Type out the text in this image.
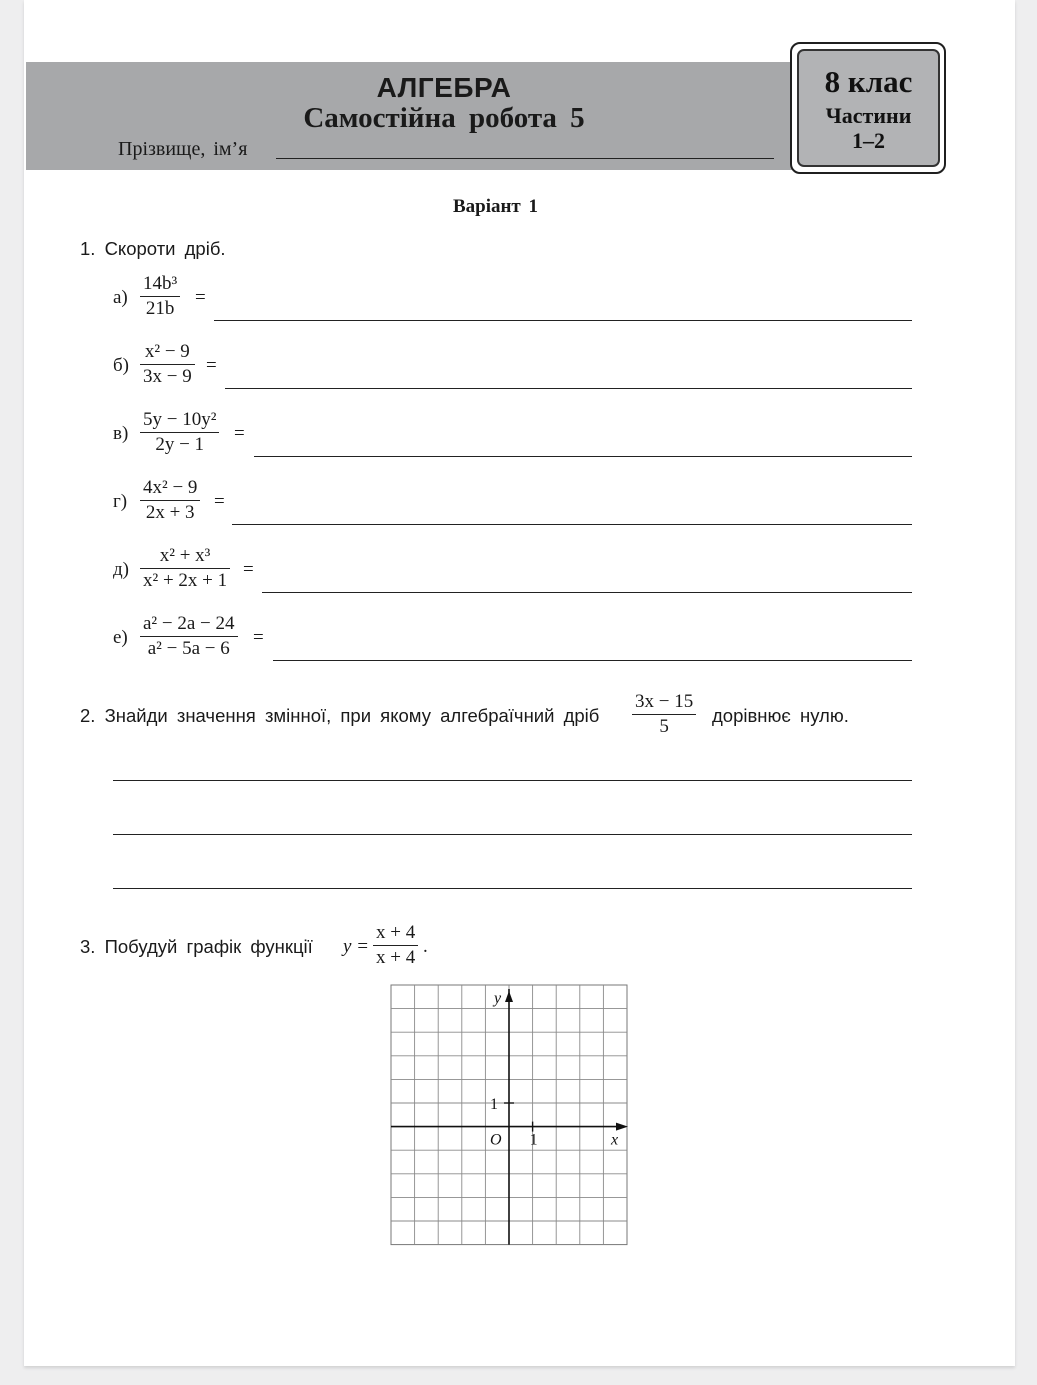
АЛГЕБРА
Самостійна робота 5
Прізвище, ім’я
8 клас
Частини
1–2
Варіант 1
1. Скороти дріб.
а)
14b³
21b
=
б)
x² − 9
3x − 9
=
в)
5y − 10y²
2y − 1
=
г)
4x² − 9
2x + 3
=
д)
x² + x³
x² + 2x + 1
=
е)
a² − 2a − 24
a² − 5a − 6
=
2. Знайди значення змінної, при якому алгебраїчний дріб
3x − 15
5
дорівнює нулю.
3. Побудуй графік функції y =
x + 4
x + 4
.
y
x
O 1
1
